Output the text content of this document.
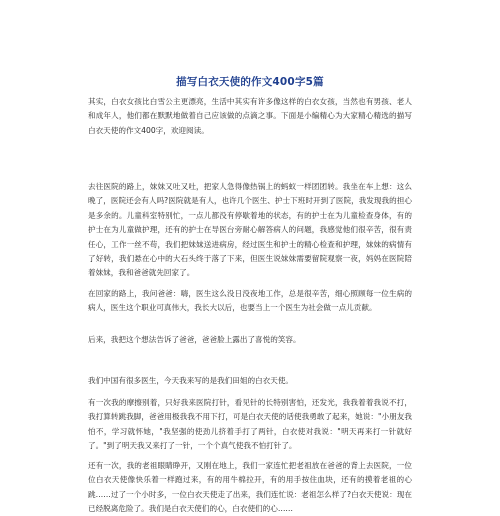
描写白衣天使的作文400字5篇

其实，白衣女孩比白雪公主更漂亮，生活中其实有许多像这样的白衣女孩，当然也有男孩、老人和成年人，他们都在默默地做着自己应该做的点滴之事。下面是小编精心为大家精心精选的描写白衣天使的作文400字，欢迎阅读。

去往医院的路上，妹妹又吐又吐，把家人急得像热锅上的蚂蚁一样团团转。我坐在车上想：这么晚了，医院还会有人吗?医院就是有人，也许几个医生、护士下班时开到了医院，我发现我的担心是多余的。儿童科室特别忙，一点儿都没有停歇着地的状态，有的护士在为儿童检查身体，有的护士在为儿童做护理，还有的护士在导医台旁耐心解答病人的问题，我感觉他们很辛苦，很有责任心，工作一丝不苟，我们把妹妹送进病房，经过医生和护士的精心检查和护理，妹妹的病情有了好转，我们悬在心中的大石头终于落了下来，但医生说妹妹需要留院观察一夜，妈妈在医院陪着妹妹，我和爸爸就先回家了。

在回家的路上，我问爸爸：嗨，医生这么没日没夜地工作，总是很辛苦，细心照顾每一位生病的病人，医生这个职业可真伟大，我长大以后，也要当上一个医生为社会做一点儿贡献。

后来，我把这个想法告诉了爸爸，爸爸脸上露出了喜悦的笑容。

我们中国有很多医生，今天我来写的是我们田姐的白衣天使。

有一次我的摩擦别着，只好我来医院打针，看见针的长特别害怕，还发光，我我着着我说不打，我打算转跳我脚，爸爸用极我我不用下打，可是白衣天使的话使我勇敢了起来，她说："小朋友我怕不，学习就怀她，"我坚强的使劲儿挤着手打了两针，白衣使对我说："明天再来打一针就好了。"到了明天我又来打了一针，一个个真气使我不怕打针了。

还有一次，我的老祖眼睛睁开，又刚在地上，我们一家连忙把老祖放在爸爸的背上去医院，一位位白衣天使像快乐着一样跑过来，有的用牛棉拉开，有的用手按住血块，还有的摸着老祖的心跳……过了一个小时多，一位白衣天使走了出来，我们连忙说：老祖怎么样了?白衣天使说：现在已经脱离危险了。我们是白衣天使们的心，白衣使们的心……
